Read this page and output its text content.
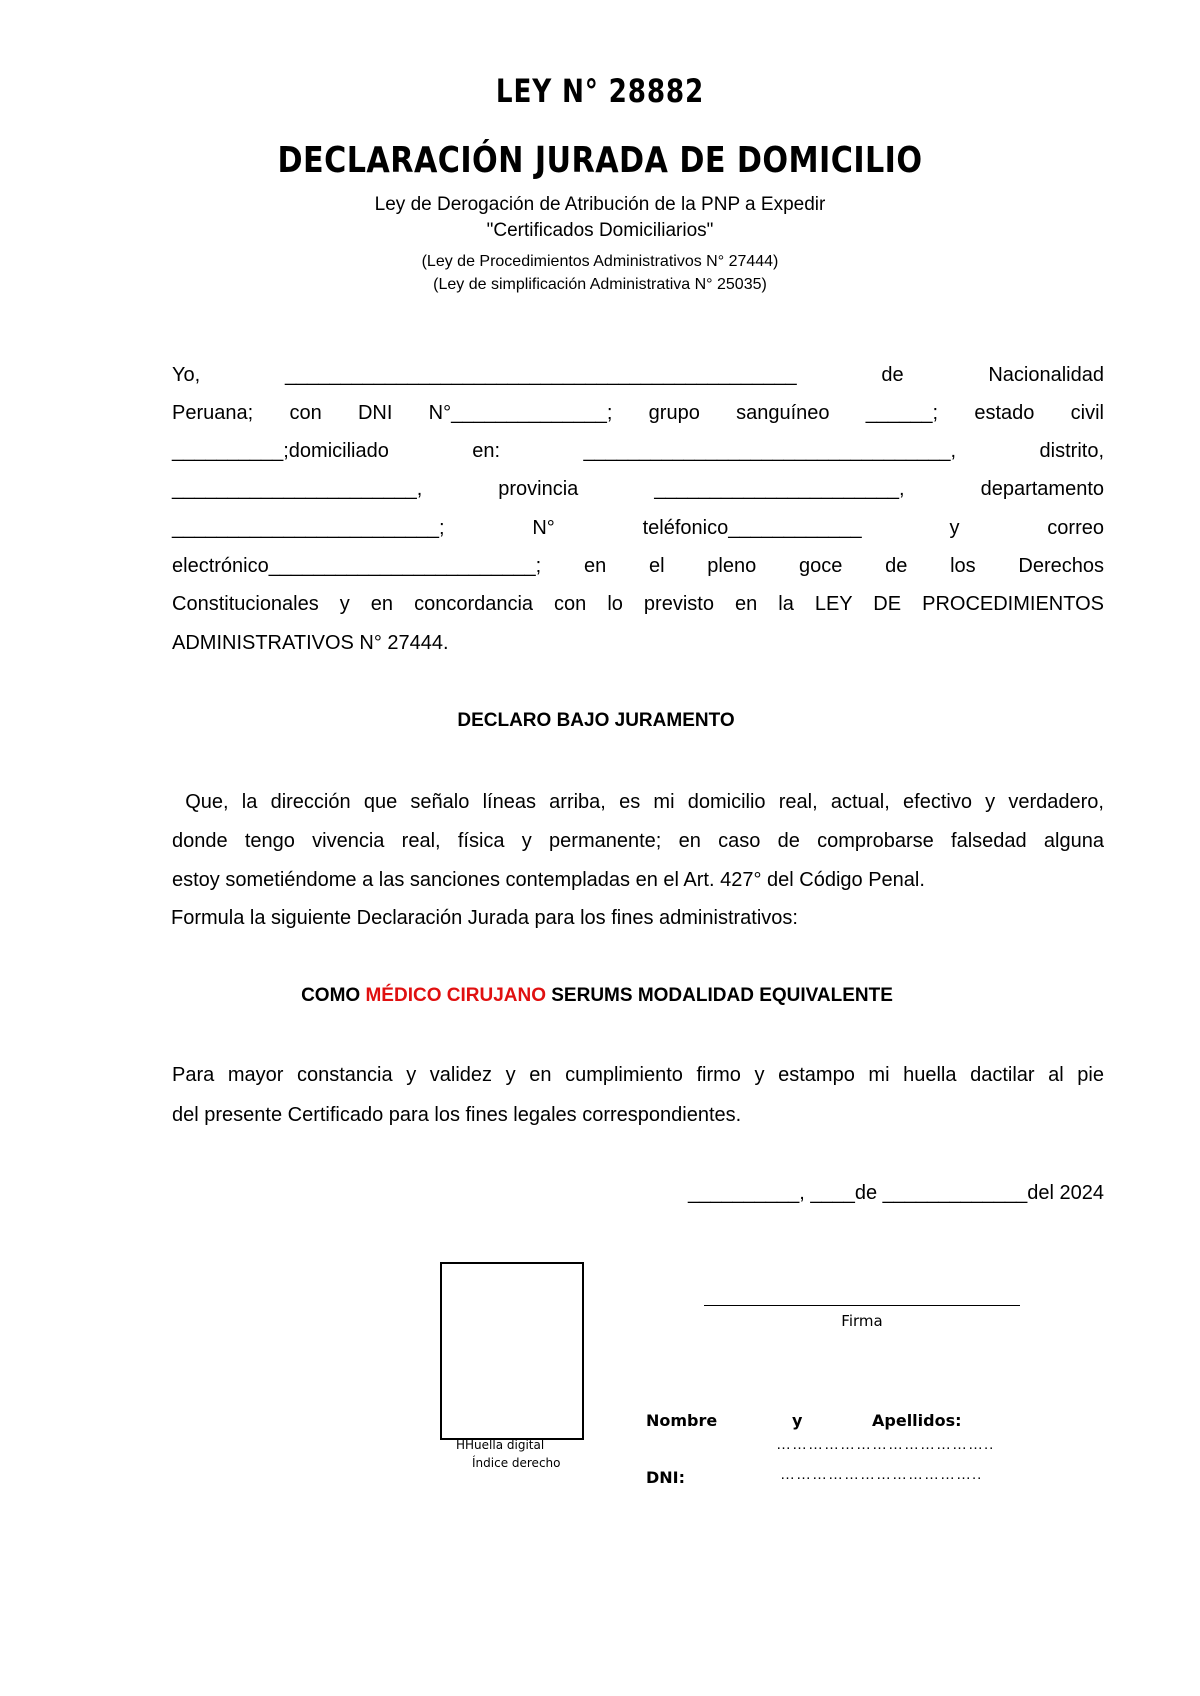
LEY N° 28882
DECLARACIÓN JURADA DE DOMICILIO
Ley de Derogación de Atribución de la PNP a Expedir
"Certificados Domiciliarios"
(Ley de Procedimientos Administrativos N° 27444)
(Ley de simplificación Administrativa N° 25035)
Yo, ______________________________________________ de Nacionalidad
Peruana; con DNI N°______________; grupo sanguíneo ______; estado civil
__________;domiciliado en: _________________________________, distrito,
______________________, provincia ______________________, departamento
________________________; N° teléfonico____________ y correo
electrónico________________________; en el pleno goce de los Derechos
Constitucionales y en concordancia con lo previsto en la LEY DE PROCEDIMIENTOS
ADMINISTRATIVOS N° 27444.
DECLARO BAJO JURAMENTO
Que, la dirección que señalo líneas arriba, es mi domicilio real, actual, efectivo y verdadero,
donde tengo vivencia real, física y permanente; en caso de comprobarse falsedad alguna
estoy sometiéndome a las sanciones contempladas en el Art. 427° del Código Penal.
Formula la siguiente Declaración Jurada para los fines administrativos:
COMO MÉDICO CIRUJANO SERUMS MODALIDAD EQUIVALENTE
Para mayor constancia y validez y en cumplimiento firmo y estampo mi huella dactilar al pie
del presente Certificado para los fines legales correspondientes.
__________, ____de _____________del 2024
HHuella digital
Índice derecho
Firma
Nombre	y	Apellidos:
…………………………………..
DNI:	………………………………..
